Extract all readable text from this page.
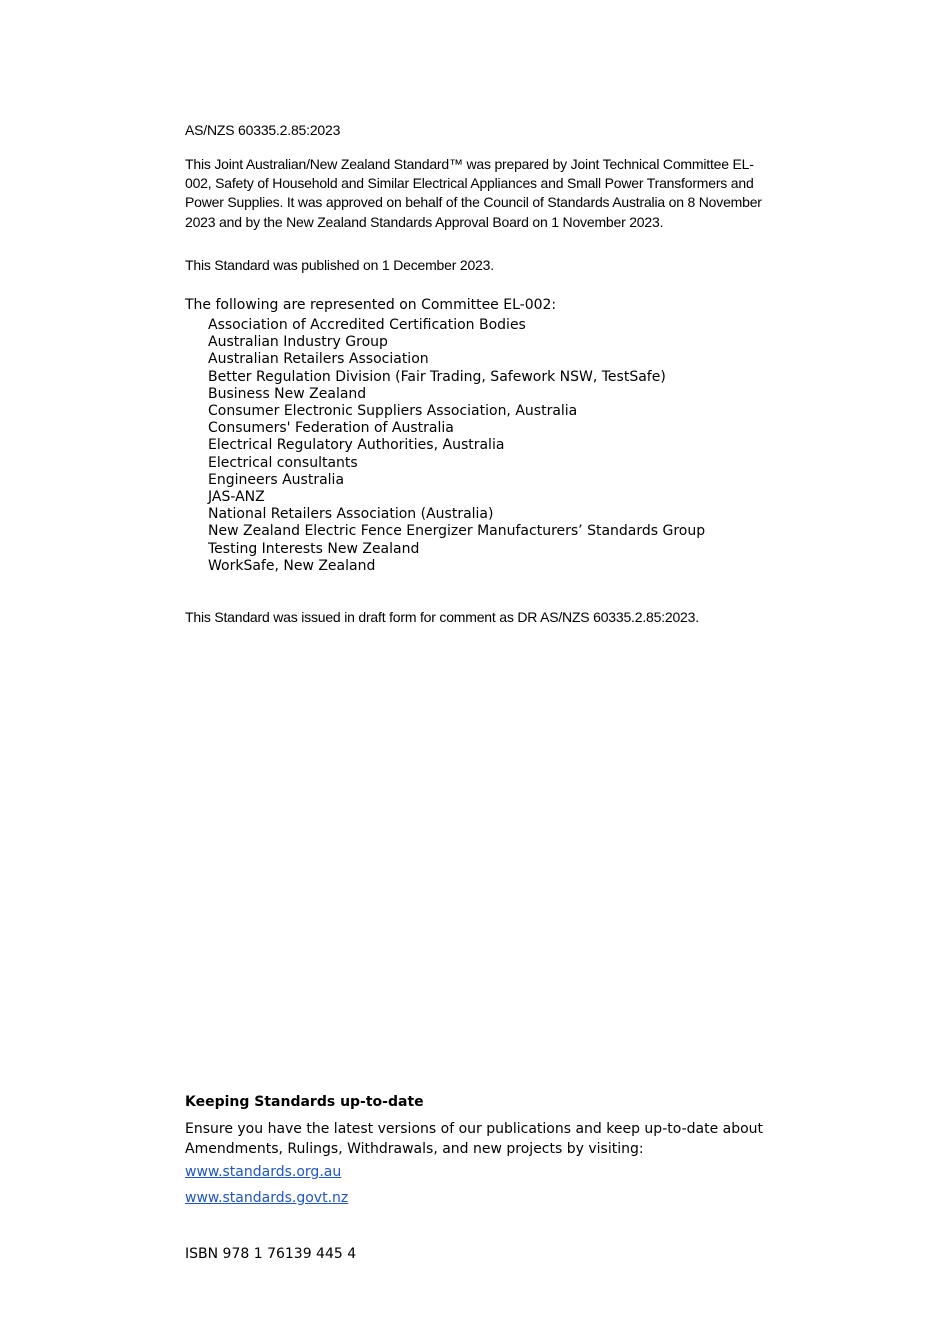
AS/NZS 60335.2.85:2023

This Joint Australian/New Zealand Standard™ was prepared by Joint Technical Committee EL-002, Safety of Household and Similar Electrical Appliances and Small Power Transformers and Power Supplies. It was approved on behalf of the Council of Standards Australia on 8 November 2023 and by the New Zealand Standards Approval Board on 1 November 2023.

This Standard was published on 1 December 2023.

The following are represented on Committee EL-002:

Association of Accredited Certification Bodies
Australian Industry Group
Australian Retailers Association
Better Regulation Division (Fair Trading, Safework NSW, TestSafe)
Business New Zealand
Consumer Electronic Suppliers Association, Australia
Consumers' Federation of Australia
Electrical Regulatory Authorities, Australia
Electrical consultants
Engineers Australia
JAS-ANZ
National Retailers Association (Australia)
New Zealand Electric Fence Energizer Manufacturers’ Standards Group
Testing Interests New Zealand
WorkSafe, New Zealand

This Standard was issued in draft form for comment as DR AS/NZS 60335.2.85:2023.

Keeping Standards up-to-date

Ensure you have the latest versions of our publications and keep up-to-date about Amendments, Rulings, Withdrawals, and new projects by visiting:

www.standards.org.au
www.standards.govt.nz

ISBN 978 1 76139 445 4
